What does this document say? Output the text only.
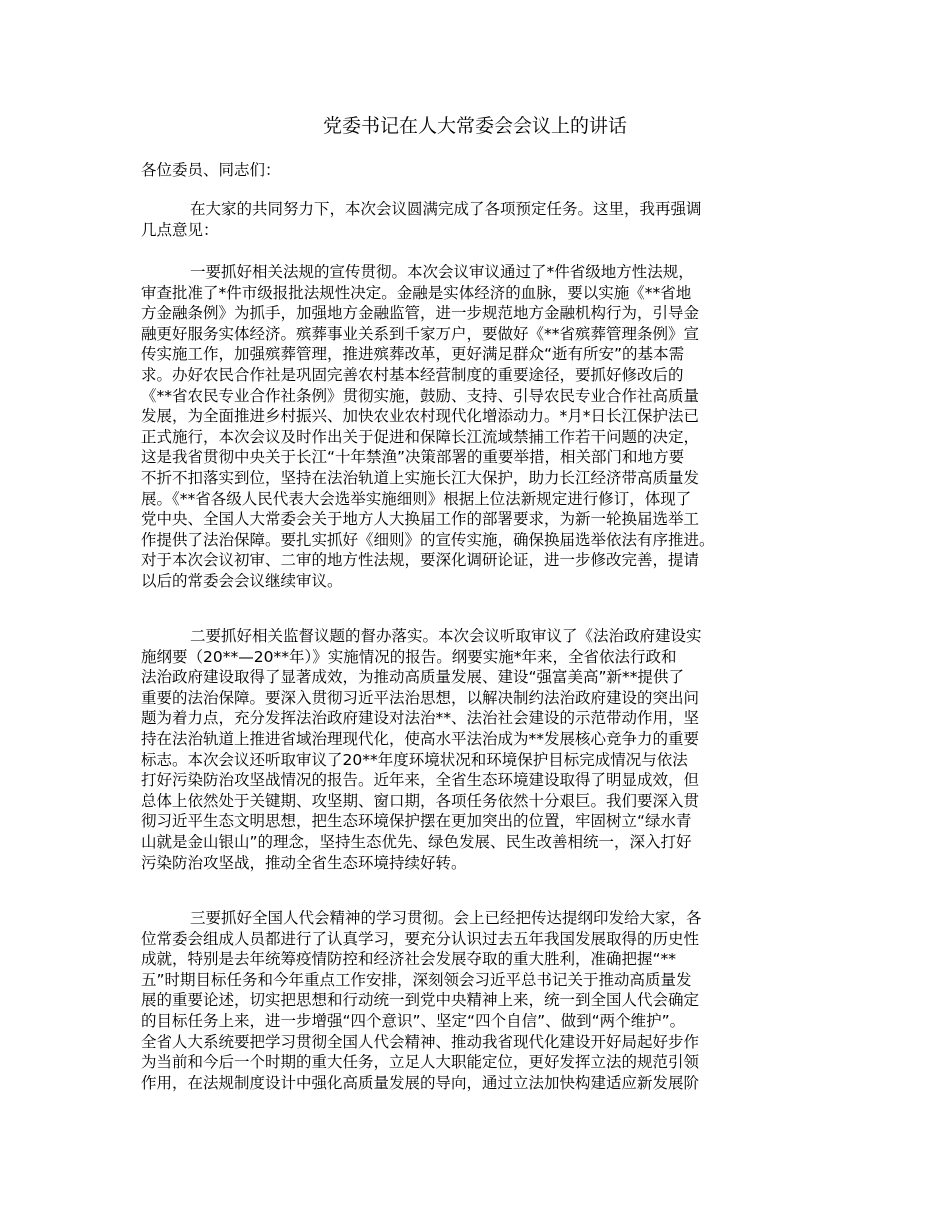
党委书记在人大常委会会议上的讲话
各位委员、同志们：
在大家的共同努力下，本次会议圆满完成了各项预定任务。这里，我再强调
几点意见：
一要抓好相关法规的宣传贯彻。本次会议审议通过了*件省级地方性法规，
审查批准了*件市级报批法规性决定。金融是实体经济的血脉，要以实施《**省地
方金融条例》为抓手，加强地方金融监管，进一步规范地方金融机构行为，引导金
融更好服务实体经济。殡葬事业关系到千家万户，要做好《**省殡葬管理条例》宣
传实施工作，加强殡葬管理，推进殡葬改革，更好满足群众“逝有所安”的基本需
求。办好农民合作社是巩固完善农村基本经营制度的重要途径，要抓好修改后的
《**省农民专业合作社条例》贯彻实施，鼓励、支持、引导农民专业合作社高质量
发展，为全面推进乡村振兴、加快农业农村现代化增添动力。*月*日长江保护法已
正式施行，本次会议及时作出关于促进和保障长江流域禁捕工作若干问题的决定，
这是我省贯彻中央关于长江“十年禁渔”决策部署的重要举措，相关部门和地方要
不折不扣落实到位，坚持在法治轨道上实施长江大保护，助力长江经济带高质量发
展。《**省各级人民代表大会选举实施细则》根据上位法新规定进行修订，体现了
党中央、全国人大常委会关于地方人大换届工作的部署要求，为新一轮换届选举工
作提供了法治保障。要扎实抓好《细则》的宣传实施，确保换届选举依法有序推进。
对于本次会议初审、二审的地方性法规，要深化调研论证，进一步修改完善，提请
以后的常委会会议继续审议。
二要抓好相关监督议题的督办落实。本次会议听取审议了《法治政府建设实
施纲要（20**—20**年）》实施情况的报告。纲要实施*年来，全省依法行政和
法治政府建设取得了显著成效，为推动高质量发展、建设“强富美高”新**提供了
重要的法治保障。要深入贯彻习近平法治思想，以解决制约法治政府建设的突出问
题为着力点，充分发挥法治政府建设对法治**、法治社会建设的示范带动作用，坚
持在法治轨道上推进省域治理现代化，使高水平法治成为**发展核心竞争力的重要
标志。本次会议还听取审议了20**年度环境状况和环境保护目标完成情况与依法
打好污染防治攻坚战情况的报告。近年来，全省生态环境建设取得了明显成效，但
总体上依然处于关键期、攻坚期、窗口期，各项任务依然十分艰巨。我们要深入贯
彻习近平生态文明思想，把生态环境保护摆在更加突出的位置，牢固树立“绿水青
山就是金山银山”的理念，坚持生态优先、绿色发展、民生改善相统一，深入打好
污染防治攻坚战，推动全省生态环境持续好转。
三要抓好全国人代会精神的学习贯彻。会上已经把传达提纲印发给大家，各
位常委会组成人员都进行了认真学习，要充分认识过去五年我国发展取得的历史性
成就，特别是去年统筹疫情防控和经济社会发展夺取的重大胜利，准确把握“**
五”时期目标任务和今年重点工作安排，深刻领会习近平总书记关于推动高质量发
展的重要论述，切实把思想和行动统一到党中央精神上来，统一到全国人代会确定
的目标任务上来，进一步增强“四个意识”、坚定“四个自信”、做到“两个维护”。
全省人大系统要把学习贯彻全国人代会精神、推动我省现代化建设开好局起好步作
为当前和今后一个时期的重大任务，立足人大职能定位，更好发挥立法的规范引领
作用，在法规制度设计中强化高质量发展的导向，通过立法加快构建适应新发展阶
